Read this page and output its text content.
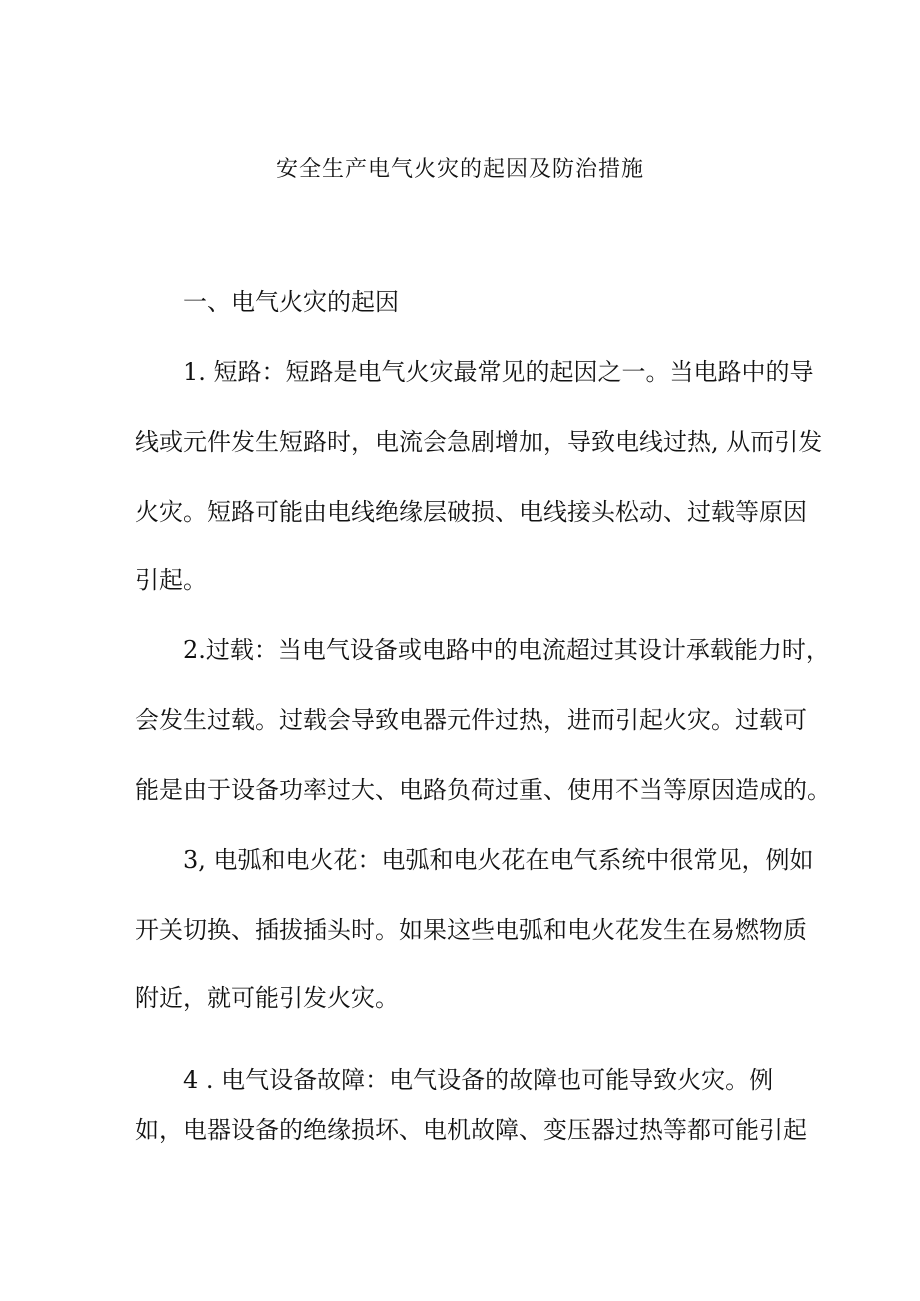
安全生产电气火灾的起因及防治措施
一、电气火灾的起因
1. 短路：短路是电气火灾最常见的起因之一。当电路中的导
线或元件发生短路时，电流会急剧增加，导致电线过热, 从而引发
火灾。短路可能由电线绝缘层破损、电线接头松动、过载等原因
引起。
2.过载：当电气设备或电路中的电流超过其设计承载能力时，
会发生过载。过载会导致电器元件过热，进而引起火灾。过载可
能是由于设备功率过大、电路负荷过重、使用不当等原因造成的。
3, 电弧和电火花：电弧和电火花在电气系统中很常见，例如
开关切换、插拔插头时。如果这些电弧和电火花发生在易燃物质
附近，就可能引发火灾。
4 . 电气设备故障：电气设备的故障也可能导致火灾。例
如，电器设备的绝缘损坏、电机故障、变压器过热等都可能引起
